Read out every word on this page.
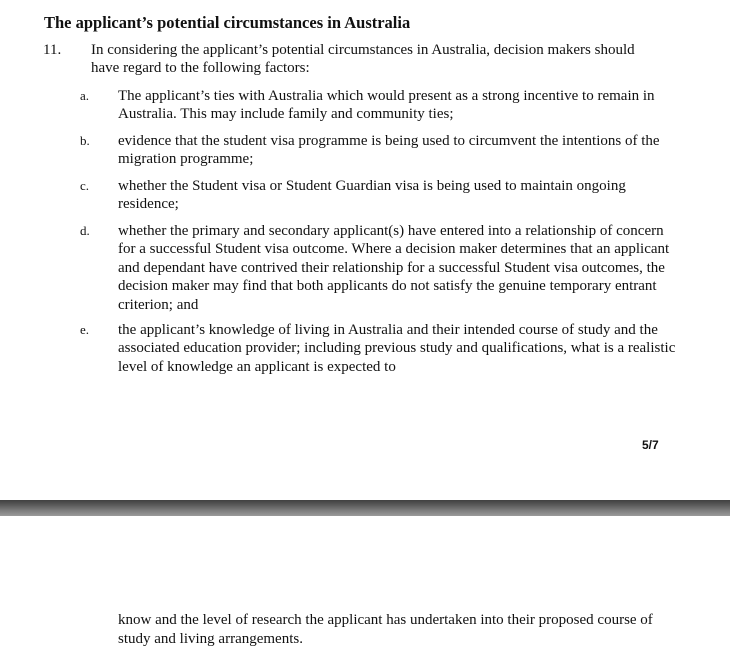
The applicant’s potential circumstances in Australia
11. In considering the applicant’s potential circumstances in Australia, decision makers should have regard to the following factors:
a. The applicant’s ties with Australia which would present as a strong incentive to remain in Australia. This may include family and community ties;
b. evidence that the student visa programme is being used to circumvent the intentions of the migration programme;
c. whether the Student visa or Student Guardian visa is being used to maintain ongoing residence;
d. whether the primary and secondary applicant(s) have entered into a relationship of concern for a successful Student visa outcome. Where a decision maker determines that an applicant and dependant have contrived their relationship for a successful Student visa outcomes, the decision maker may find that both applicants do not satisfy the genuine temporary entrant criterion; and
e. the applicant’s knowledge of living in Australia and their intended course of study and the associated education provider; including previous study and qualifications, what is a realistic level of knowledge an applicant is expected to
5/7
know and the level of research the applicant has undertaken into their proposed course of study and living arrangements.
